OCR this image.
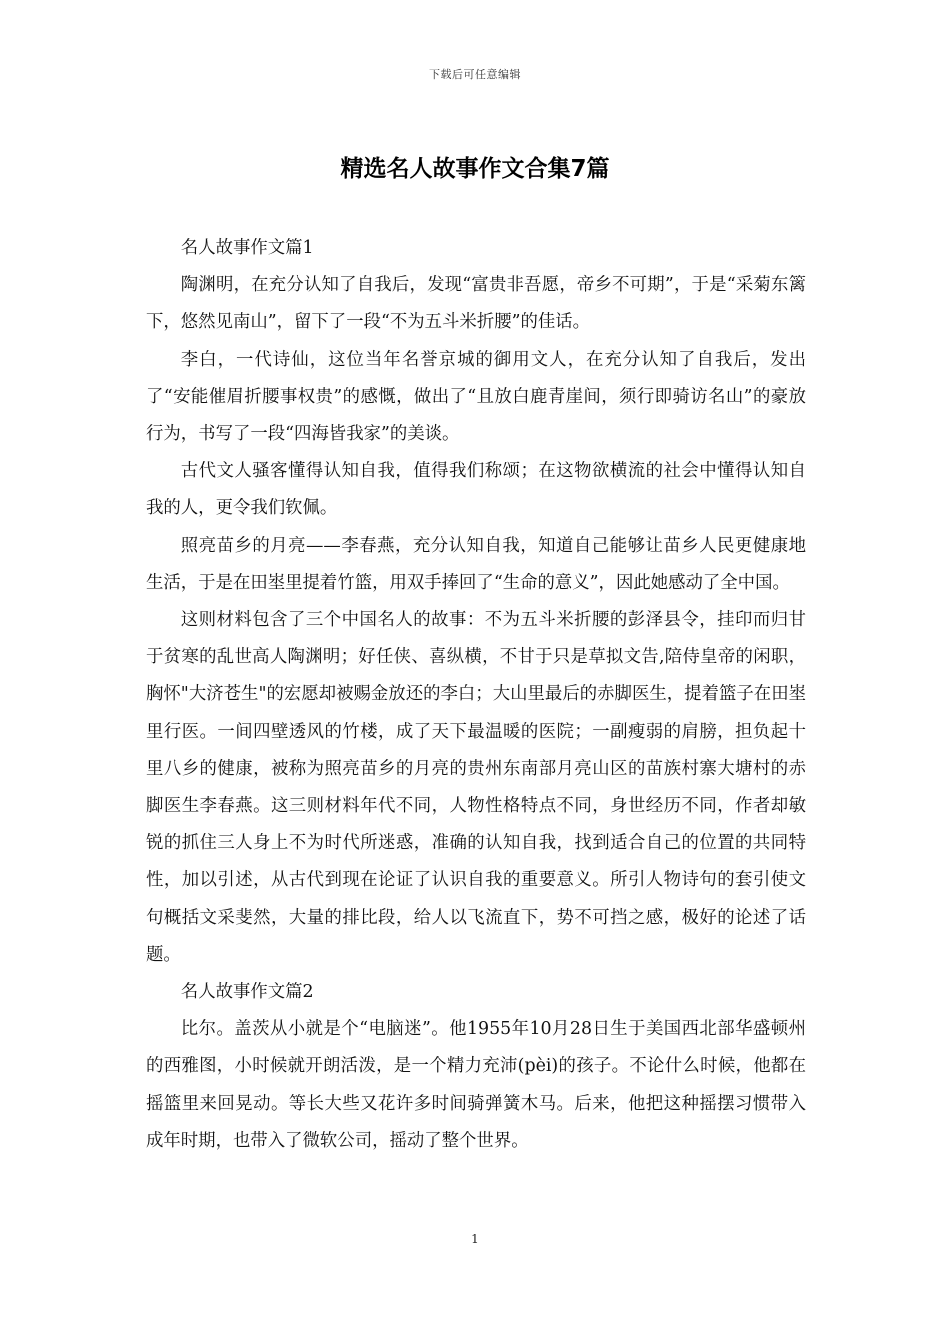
下载后可任意编辑
精选名人故事作文合集7篇

名人故事作文篇1

陶渊明，在充分认知了自我后，发现“富贵非吾愿，帝乡不可期”，于是“采菊东篱下，悠然见南山”，留下了一段“不为五斗米折腰”的佳话。

李白，一代诗仙，这位当年名誉京城的御用文人，在充分认知了自我后，发出了“安能催眉折腰事权贵”的感慨，做出了“且放白鹿青崖间，须行即骑访名山”的豪放行为，书写了一段“四海皆我家”的美谈。

古代文人骚客懂得认知自我，值得我们称颂；在这物欲横流的社会中懂得认知自我的人，更令我们钦佩。

照亮苗乡的月亮——李春燕，充分认知自我，知道自己能够让苗乡人民更健康地生活，于是在田埊里提着竹篮，用双手捧回了“生命的意义”，因此她感动了全中国。

这则材料包含了三个中国名人的故事：不为五斗米折腰的彭泽县令，挂印而归甘于贫寒的乱世高人陶渊明；好任侠、喜纵横，不甘于只是草拟文告,陪侍皇帝的闲职，胸怀"大济苍生"的宏愿却被赐金放还的李白；大山里最后的赤脚医生，提着篮子在田埊里行医。一间四壁透风的竹楼，成了天下最温暖的医院；一副瘦弱的肩膀，担负起十里八乡的健康，被称为照亮苗乡的月亮的贵州东南部月亮山区的苗族村寨大塘村的赤脚医生李春燕。这三则材料年代不同，人物性格特点不同，身世经历不同，作者却敏锐的抓住三人身上不为时代所迷惑，准确的认知自我，找到适合自己的位置的共同特性，加以引述，从古代到现在论证了认识自我的重要意义。所引人物诗句的套引使文句概括文采斐然，大量的排比段，给人以飞流直下，势不可挡之感，极好的论述了话题。

名人故事作文篇2

比尔。盖茨从小就是个“电脑迷”。他1955年10月28日生于美国西北部华盛顿州的西雅图，小时候就开朗活泼，是一个精力充沛(pèi)的孩子。不论什么时候，他都在摇篮里来回晃动。等长大些又花许多时间骑弹簧木马。后来，他把这种摇摆习惯带入成年时期，也带入了微软公司，摇动了整个世界。

1
